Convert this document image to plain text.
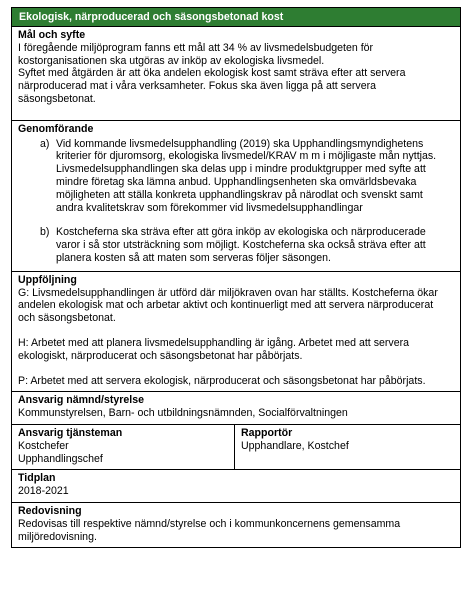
Ekologisk, närproducerad och säsongsbetonad kost
Mål och syfte

I föregående miljöprogram fanns ett mål att 34 % av livsmedelsbudgeten för

kostorganisationen ska utgöras av inköp av ekologiska livsmedel.

Syftet med åtgärden är att öka andelen ekologisk kost samt sträva efter att servera

närproducerad mat i våra verksamheter. Fokus ska även ligga på att servera

säsongsbetonat.

Genomförande
a) Vid kommande livsmedelsupphandling (2019) ska Upphandlingsmyndighetens

kriterier för djuromsorg, ekologiska livsmedel/KRAV m m i möjligaste mån nyttjas.

Livsmedelsupphandlingen ska delas upp i mindre produktgrupper med syfte att

mindre företag ska lämna anbud. Upphandlingsenheten ska omvärldsbevaka

möjligheten att ställa konkreta upphandlingskrav på närodlat och svenskt samt

andra kvalitetskrav som förekommer vid livsmedelsupphandlingar

b) Kostcheferna ska sträva efter att göra inköp av ekologiska och närproducerade

varor i så stor utsträckning som möjligt. Kostcheferna ska också sträva efter att

planera kosten så att maten som serveras följer säsongen.

Uppföljning

G: Livsmedelsupphandlingen är utförd där miljökraven ovan har ställts. Kostcheferna ökar

andelen ekologisk mat och arbetar aktivt och kontinuerligt med att servera närproducerat

och säsongsbetonat.

H: Arbetet med att planera livsmedelsupphandling är igång. Arbetet med att servera

ekologiskt, närproducerat och säsongsbetonat har påbörjats.

P: Arbetet med att servera ekologisk, närproducerat och säsongsbetonat har påbörjats.

Ansvarig nämnd/styrelse

Kommunstyrelsen, Barn- och utbildningsnämnden, Socialförvaltningen

Ansvarig tjänsteman

Kostchefer

Upphandlingschef

Rapportör

Upphandlare, Kostchef

Tidplan

2018-2021

Redovisning

Redovisas till respektive nämnd/styrelse och i kommunkoncernens gemensamma

miljöredovisning.
